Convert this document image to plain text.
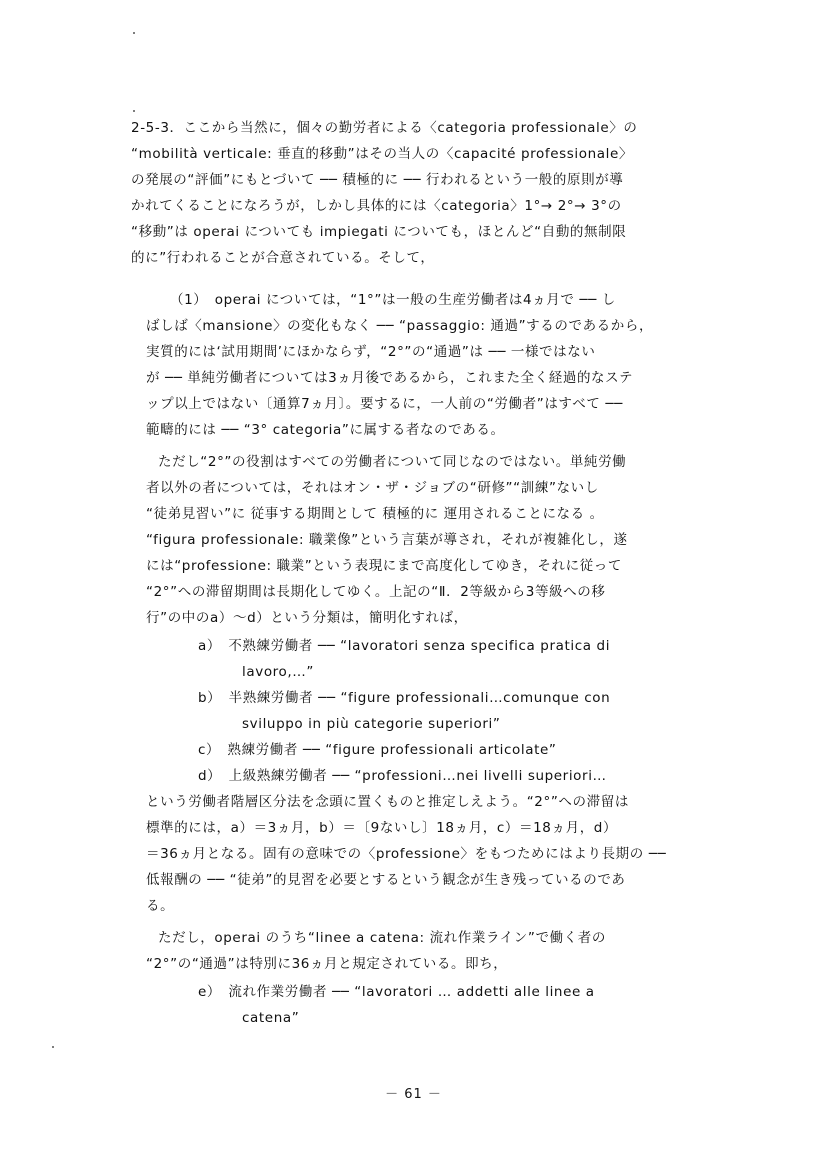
2-5-3．ここから当然に，個々の勤労者による〈categoria professionale〉の
“mobilità verticale: 垂直的移動”はその当人の〈capacité professionale〉
の発展の“評価”にもとづいて ── 積極的に ── 行われるという一般的原則が導
かれてくることになろうが，しかし具体的には〈categoria〉1°→ 2°→ 3°の
“移動”は operai についても impiegati についても，ほとんど“自動的無制限
的に”行われることが合意されている。そして，
（1）　operai については，“1°”は一般の生産労働者は4ヵ月で ── し
ばしば〈mansione〉の変化もなく ── “passaggio: 通過”するのであるから，
実質的には‘試用期間’にほかならず，“2°”の“通過”は ── 一様ではない
が ── 単純労働者については3ヵ月後であるから，これまた全く経過的なステ
ップ以上ではない〔通算7ヵ月〕。要するに，一人前の“労働者”はすべて ──
範疇的には ── “3° categoria”に属する者なのである。
ただし“2°”の役割はすべての労働者について同じなのではない。単純労働
者以外の者については，それはオン・ザ・ジョブの“研修”“訓練”ないし
“徒弟見習い”に 従事する期間として 積極的に 運用されることになる 。
“figura professionale: 職業像”という言葉が導され，それが複雑化し，遂
には“professione: 職業”という表現にまで高度化してゆき，それに従って
“2°”への滞留期間は長期化してゆく。上記の“Ⅱ．2等級から3等級への移
行”の中のa）～d）という分類は，簡明化すれば，
a）　不熟練労働者 ── “lavoratori senza specifica pratica di
lavoro,…”
b）　半熟練労働者 ── “figure professionali…comunque con
sviluppo in più categorie superiori”
c）　熟練労働者 ── “figure professionali articolate”
d）　上級熟練労働者 ── “professioni…nei livelli superiori…
という労働者階層区分法を念頭に置くものと推定しえよう。“2°”への滞留は
標準的には，a）＝3ヵ月，b）＝〔9ないし〕18ヵ月，c）＝18ヵ月，d）
＝36ヵ月となる。固有の意味での〈professione〉をもつためにはより長期の ──
低報酬の ── “徒弟”的見習を必要とするという観念が生き残っているのであ
る。
ただし，operai のうち“linee a catena: 流れ作業ライン”で働く者の
“2°”の“通過”は特別に36ヵ月と規定されている。即ち，
e）　流れ作業労働者 ── “lavoratori … addetti alle linee a
catena”
－ 61 －
